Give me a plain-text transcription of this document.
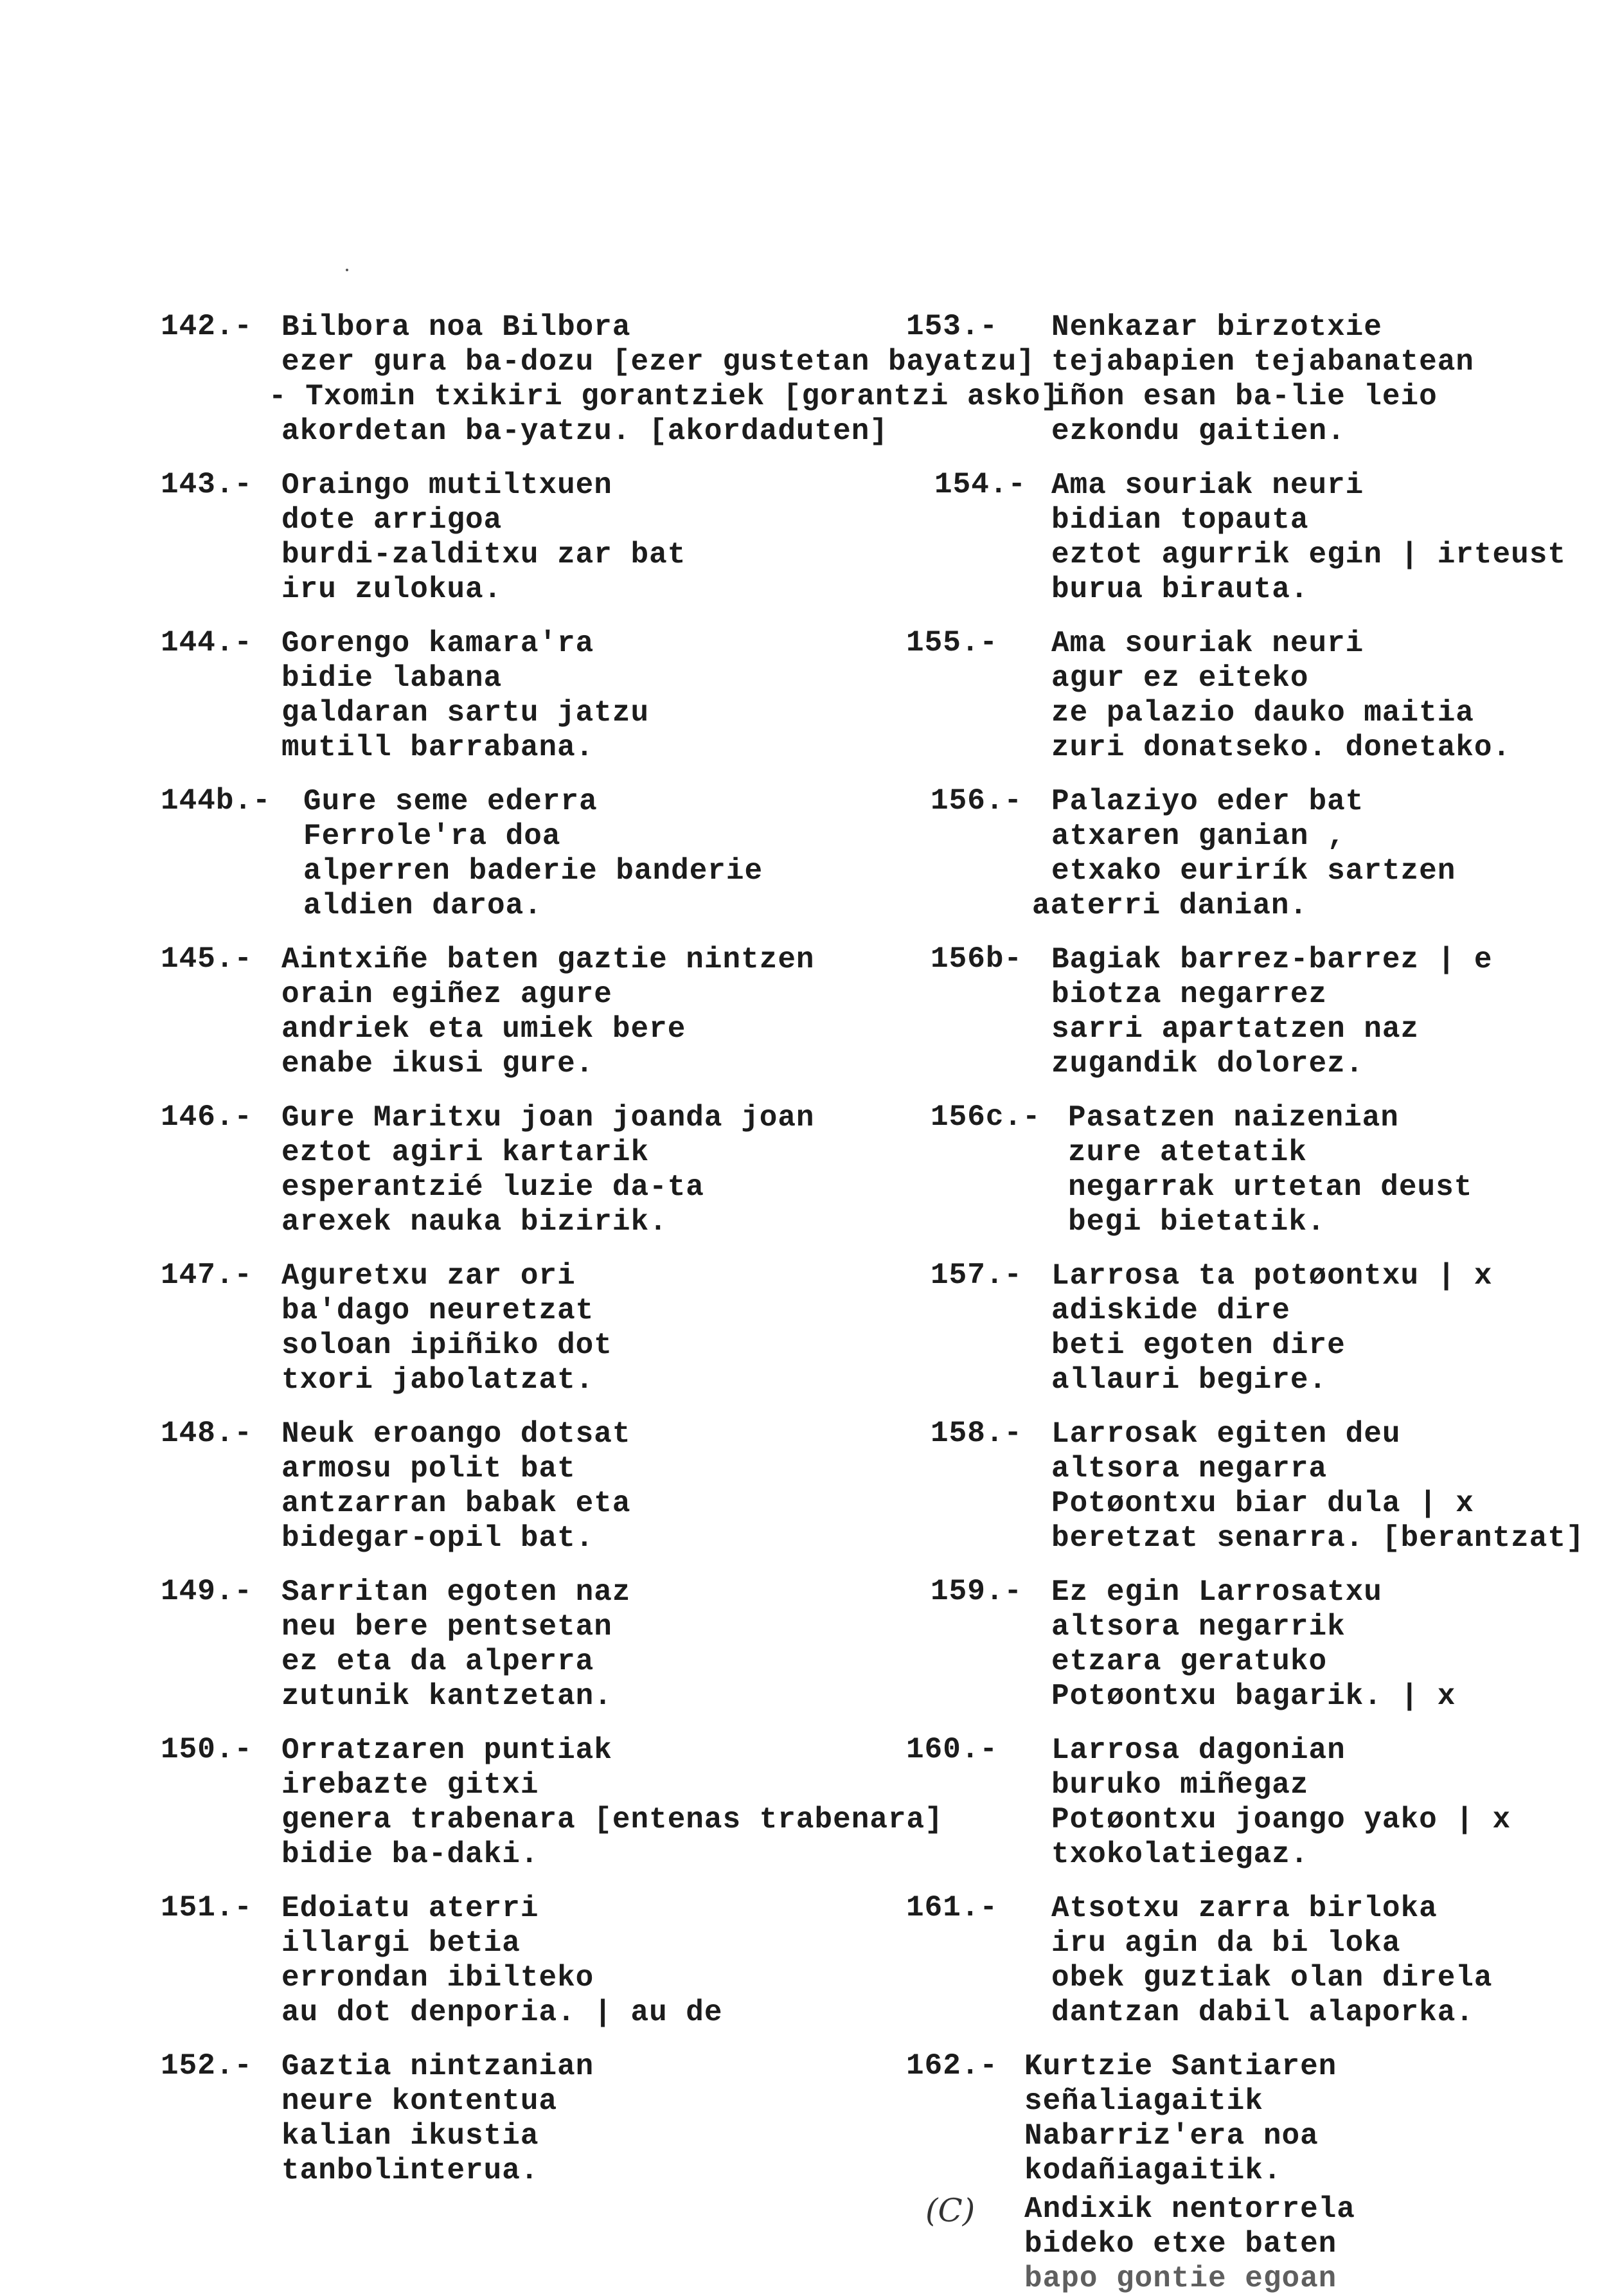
142.- Bilbora noa Bilbora
ezer gura ba-dozu [ezer gustetan bayatzu]
- Txomin txikiri gorantziek [gorantzi asko]
akordetan ba-yatzu. [akordaduten]
143.- Oraingo mutiltxuen
dote arrigoa
burdi-zalditxu zar bat
iru zulokua.
144.- Gorengo kamara'ra
bidie labana
galdaran sartu jatzu
mutill barrabana.
144b.- Gure seme ederra
Ferrole'ra doa
alperren baderie banderie
aldien daroa.
145.- Aintxiñe baten gaztie nintzen
orain egiñez agure
andriek eta umiek bere
enabe ikusi gure.
146.- Gure Maritxu joan joanda joan
eztot agiri kartarik
esperantzié luzie da-ta
arexek nauka bizirik.
147.- Aguretxu zar ori
ba'dago neuretzat
soloan ipiñiko dot
txori jabolatzat.
148.- Neuk eroango dotsat
armosu polit bat
antzarran babak eta
bidegar-opil bat.
149.- Sarritan egoten naz
neu bere pentsetan
ez eta da alperra
zutunik kantzetan.
150.- Orratzaren puntiak
irebazte gitxi
genera trabenara [entenas trabenara]
bidie ba-daki.
151.- Edoiatu aterri
illargi betia
errondan ibilteko
au dot denporia. | au de
152.- Gaztia nintzanian
neure kontentua
kalian ikustia
tanbolinterua.
153.- Nenkazar birzotxie
tejabapien tejabanatean
iñon esan ba-lie leio
ezkondu gaitien.
154.- Ama souriak neuri
bidian topauta
eztot agurrik egin | irteust
burua birauta.
155.- Ama souriak neuri
agur ez eiteko
ze palazio dauko maitia
zuri donatseko. donetako.
156.- Palaziyo eder bat
atxaren ganian ,
etxako eurirík sartzen
aaterri danian.
156b- Bagiak barrez-barrez | e
biotza negarrez
sarri apartatzen naz
zugandik dolorez.
156c.- Pasatzen naizenian
zure atetatik
negarrak urtetan deust
begi bietatik.
157.- Larrosa ta potøontxu | x
adiskide dire
beti egoten dire
allauri begire.
158.- Larrosak egiten deu
altsora negarra
Potøontxu biar dula | x
beretzat senarra. [berantzat]
159.- Ez egin Larrosatxu
altsora negarrik
etzara geratuko
Potøontxu bagarik. | x
160.- Larrosa dagonian
buruko miñegaz
Potøontxu joango yako | x
txokolatiegaz.
161.- Atsotxu zarra birloka
iru agin da bi loka
obek guztiak olan direla
dantzan dabil alaporka.
162.- Kurtzie Santiaren
señaliagaitik
Nabarriz'era noa
kodañiagaitik.
(C) Andixik nentorrela
bideko etxe baten
bapo gontie egoan
